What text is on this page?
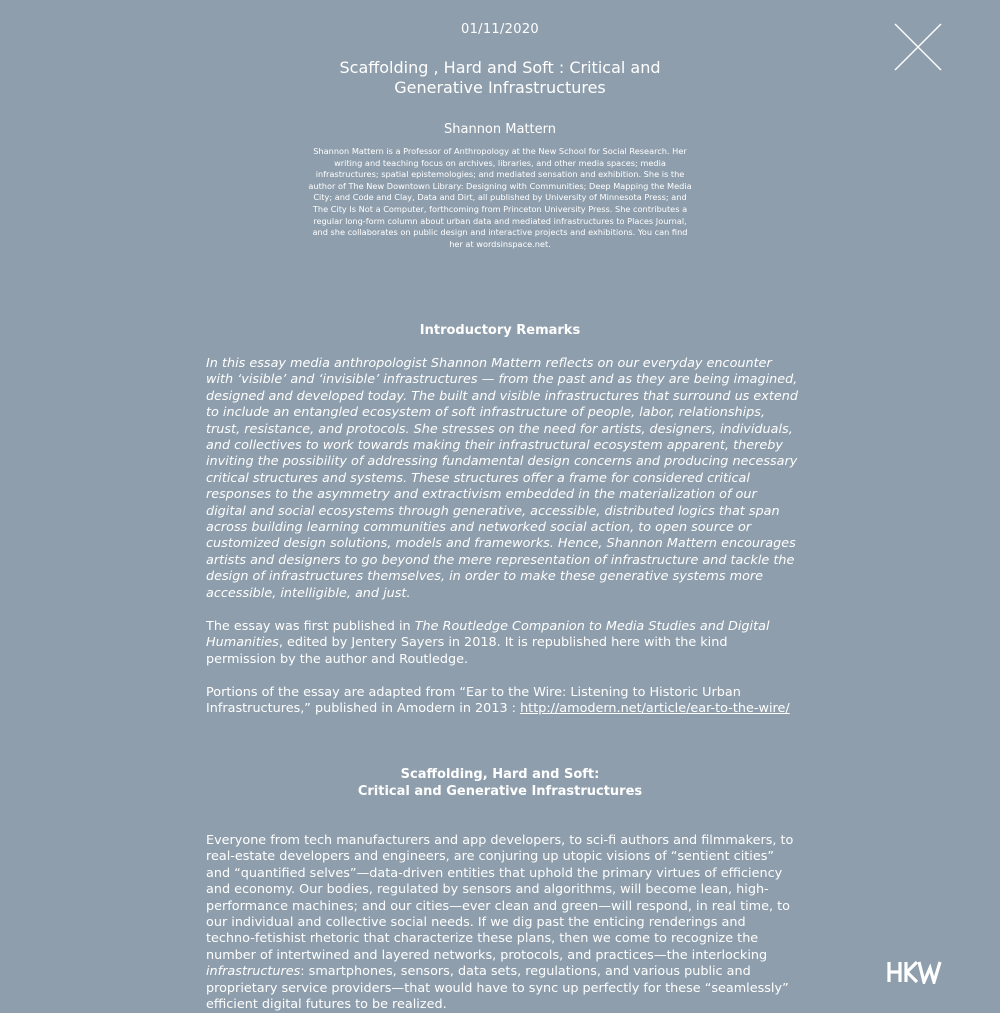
01/11/2020
Scaffolding , Hard and Soft : Critical and Generative Infrastructures
Shannon Mattern
Shannon Mattern is a Professor of Anthropology at the New School for Social Research. Her writing and teaching focus on archives, libraries, and other media spaces; media infrastructures; spatial epistemologies; and mediated sensation and exhibition. She is the author of The New Downtown Library: Designing with Communities; Deep Mapping the Media City; and Code and Clay, Data and Dirt, all published by University of Minnesota Press; and The City Is Not a Computer, forthcoming from Princeton University Press. She contributes a regular long-form column about urban data and mediated infrastructures to Places Journal, and she collaborates on public design and interactive projects and exhibitions. You can find her at wordsinspace.net.
Introductory Remarks
In this essay media anthropologist Shannon Mattern reflects on our everyday encounter with ‘visible’ and ‘invisible’ infrastructures — from the past and as they are being imagined, designed and developed today. The built and visible infrastructures that surround us extend to include an entangled ecosystem of soft infrastructure of people, labor, relationships, trust, resistance, and protocols. She stresses on the need for artists, designers, individuals, and collectives to work towards making their infrastructural ecosystem apparent, thereby inviting the possibility of addressing fundamental design concerns and producing necessary critical structures and systems. These structures offer a frame for considered critical responses to the asymmetry and extractivism embedded in the materialization of our digital and social ecosystems through generative, accessible, distributed logics that span across building learning communities and networked social action, to open source or customized design solutions, models and frameworks. Hence, Shannon Mattern encourages artists and designers to go beyond the mere representation of infrastructure and tackle the design of infrastructures themselves, in order to make these generative systems more accessible, intelligible, and just.
The essay was first published in The Routledge Companion to Media Studies and Digital Humanities, edited by Jentery Sayers in 2018. It is republished here with the kind permission by the author and Routledge.
Portions of the essay are adapted from “Ear to the Wire: Listening to Historic Urban Infrastructures,” published in Amodern in 2013 : http://amodern.net/article/ear-to-the-wire/
Scaffolding, Hard and Soft:
Critical and Generative Infrastructures
Everyone from tech manufacturers and app developers, to sci-fi authors and filmmakers, to real-estate developers and engineers, are conjuring up utopic visions of “sentient cities” and “quantified selves”—data-driven entities that uphold the primary virtues of efficiency and economy. Our bodies, regulated by sensors and algorithms, will become lean, high-performance machines; and our cities—ever clean and green—will respond, in real time, to our individual and collective social needs. If we dig past the enticing renderings and techno-fetishist rhetoric that characterize these plans, then we come to recognize the number of intertwined and layered networks, protocols, and practices—the interlocking infrastructures: smartphones, sensors, data sets, regulations, and various public and proprietary service providers—that would have to sync up perfectly for these “seamlessly” efficient digital futures to be realized.
